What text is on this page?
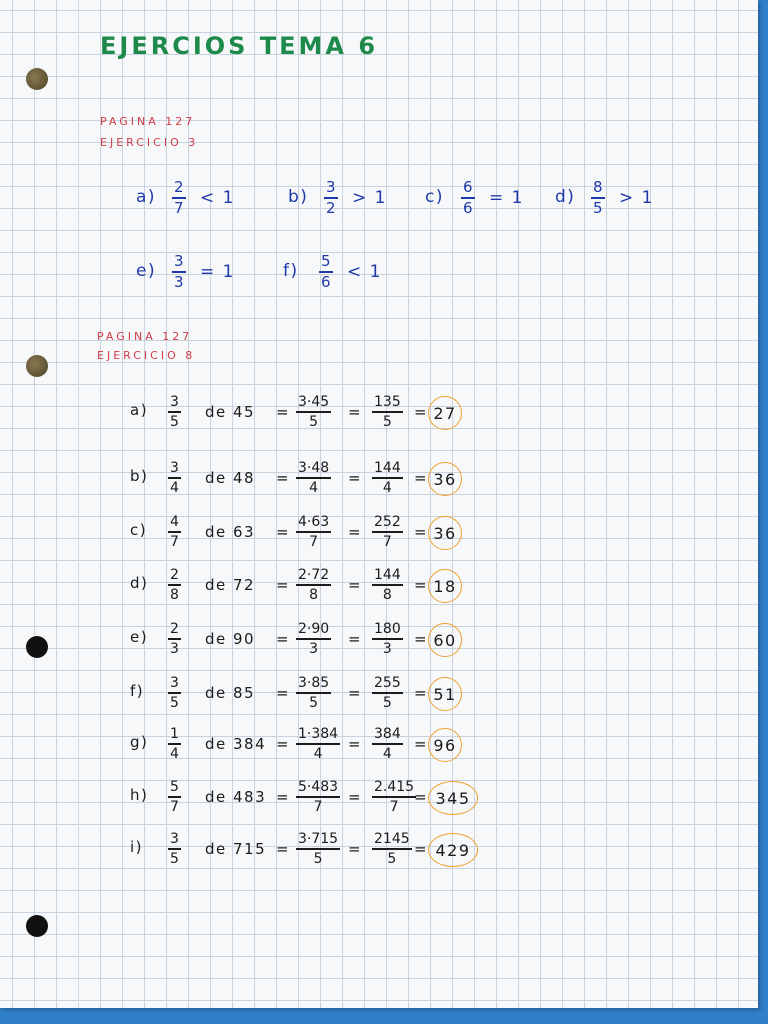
EJERCIOS TEMA 6
PAGINA 127
EJERCICIO 3
a) 2
7 < 1	b) 3
2 > 1 c) 6
6 = 1 d) 8
5 > 1
e) 3
3 = 1	f) 5
6 < 1
PAGINA 127
EJERCICIO 8
a) 3
5
de 45 =
3·45
5
=
135
5
= 27
b) 3
4
de 48 =
3·48
4
=
144
4
= 36
c) 4
7
de 63 =
4·63
7
=
252
7
= 36
d) 2
8
de 72 =
2·72
8
=
144
8
= 18
e) 2
3
de 90 =
2·90
3
=
180
3
= 60
f) 3
5
de 85 =
3·85
5
=
255
5
= 51
g) 1
4
de 384 =
1·384
4
=
384
4
= 96
h) 5
7
de 483 =
5·483
7
=
2.415
7
= 345
i) 3
5
de 715 =
3·715
5
=
2145
5
= 429
